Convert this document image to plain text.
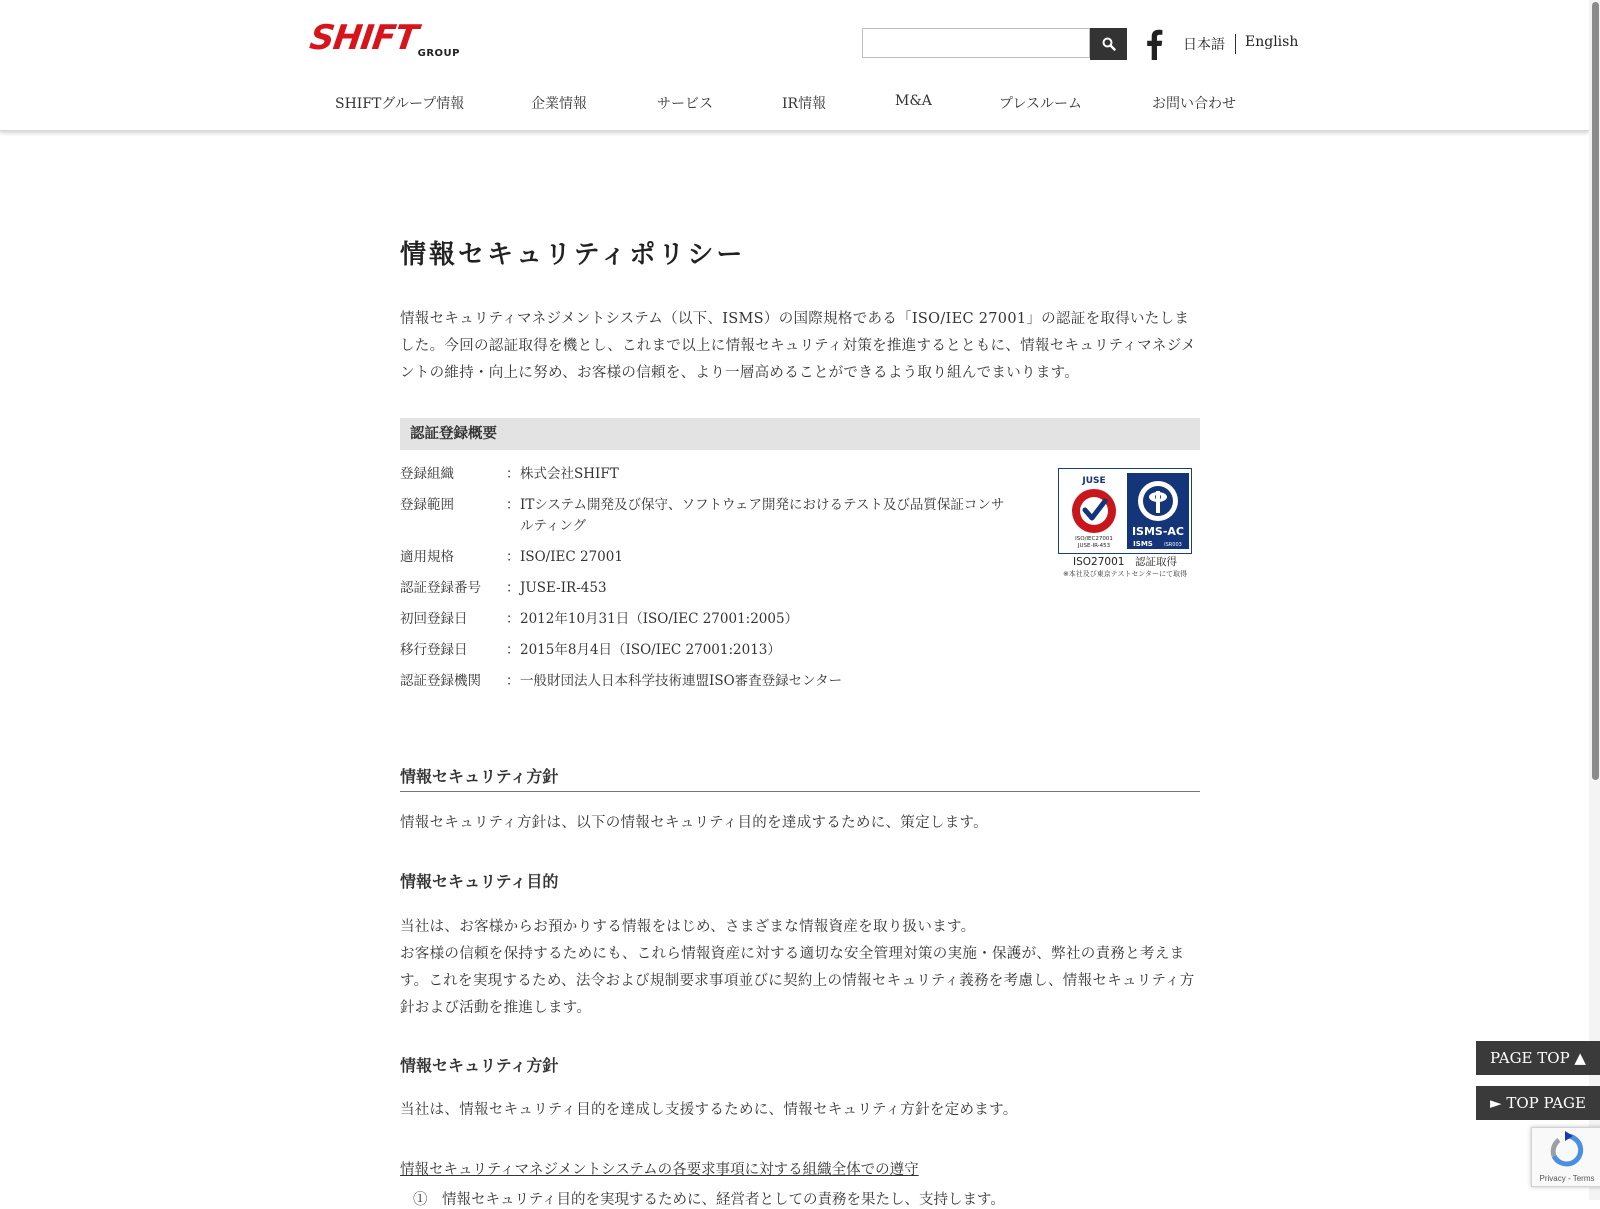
SHIFT
GROUP
日本語 English
SHIFTグループ情報	企業情報	サービス	IR情報	M&A	プレスルーム	お問い合わせ
情報セキュリティポリシー

情報セキュリティマネジメントシステム（以下、ISMS）の国際規格である「ISO/IEC 27001」の認証を取得いたしました。今回の認証取得を機とし、これまで以上に情報セキュリティ対策を推進するとともに、情報セキュリティマネジメントの維持・向上に努め、お客様の信頼を、より一層高めることができるよう取り組んでまいります。

認証登録概要
登録組織	： 株式会社SHIFT
登録範囲	： ITシステム開発及び保守、ソフトウェア開発におけるテスト及び品質保証コンサルティング
適用規格	： ISO/IEC 27001
認証登録番号	： JUSE-IR-453
初回登録日	： 2012年10月31日（ISO/IEC 27001:2005）
移行登録日	： 2015年8月4日（ISO/IEC 27001:2013）
認証登録機関	： 一般財団法人日本科学技術連盟ISO審査登録センター
JUSE
ISO/IEC27001
JUSE-IR-453
ISMS-AC
ISMS ISR003
ISO27001　認証取得
※本社及び東京テストセンターにて取得
情報セキュリティ方針

情報セキュリティ方針は、以下の情報セキュリティ目的を達成するために、策定します。

情報セキュリティ目的

当社は、お客様からお預かりする情報をはじめ、さまざまな情報資産を取り扱います。

お客様の信頼を保持するためにも、これら情報資産に対する適切な安全管理対策の実施・保護が、弊社の責務と考えます。これを実現するため、法令および規制要求事項並びに契約上の情報セキュリティ義務を考慮し、情報セキュリティ方針および活動を推進します。

情報セキュリティ方針

当社は、情報セキュリティ目的を達成し支援するために、情報セキュリティ方針を定めます。

情報セキュリティマネジメントシステムの各要求事項に対する組織全体での遵守

①　情報セキュリティ目的を実現するために、経営者としての責務を果たし、支持します。

PAGE TOP ▲
► TOP PAGE
Privacy - Terms
